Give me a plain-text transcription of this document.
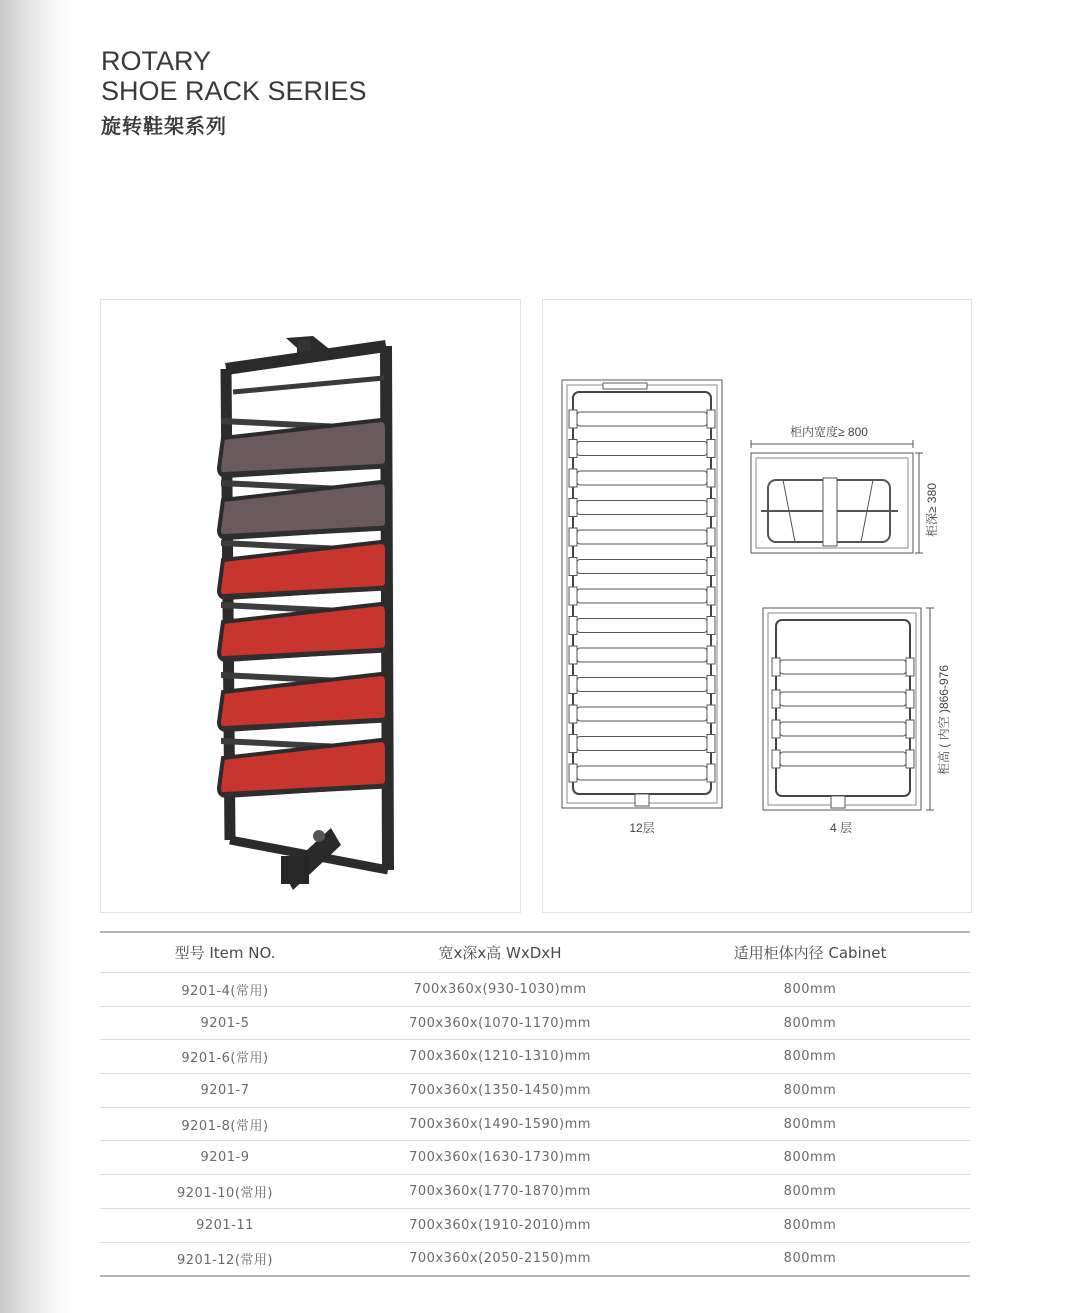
ROTARY
SHOE RACK SERIES
旋转鞋架系列
12层
柜内宽度≥ 800
柜深≥ 380
4 层
柜高 ( 内空 )866-976
型号 Item NO.	宽x深x高 WxDxH	适用柜体内径 Cabinet
9201-4(常用)	700x360x(930-1030)mm	800mm
9201-5	700x360x(1070-1170)mm	800mm
9201-6(常用)	700x360x(1210-1310)mm	800mm
9201-7	700x360x(1350-1450)mm	800mm
9201-8(常用)	700x360x(1490-1590)mm	800mm
9201-9	700x360x(1630-1730)mm	800mm
9201-10(常用)	700x360x(1770-1870)mm	800mm
9201-11	700x360x(1910-2010)mm	800mm
9201-12(常用)	700x360x(2050-2150)mm	800mm
